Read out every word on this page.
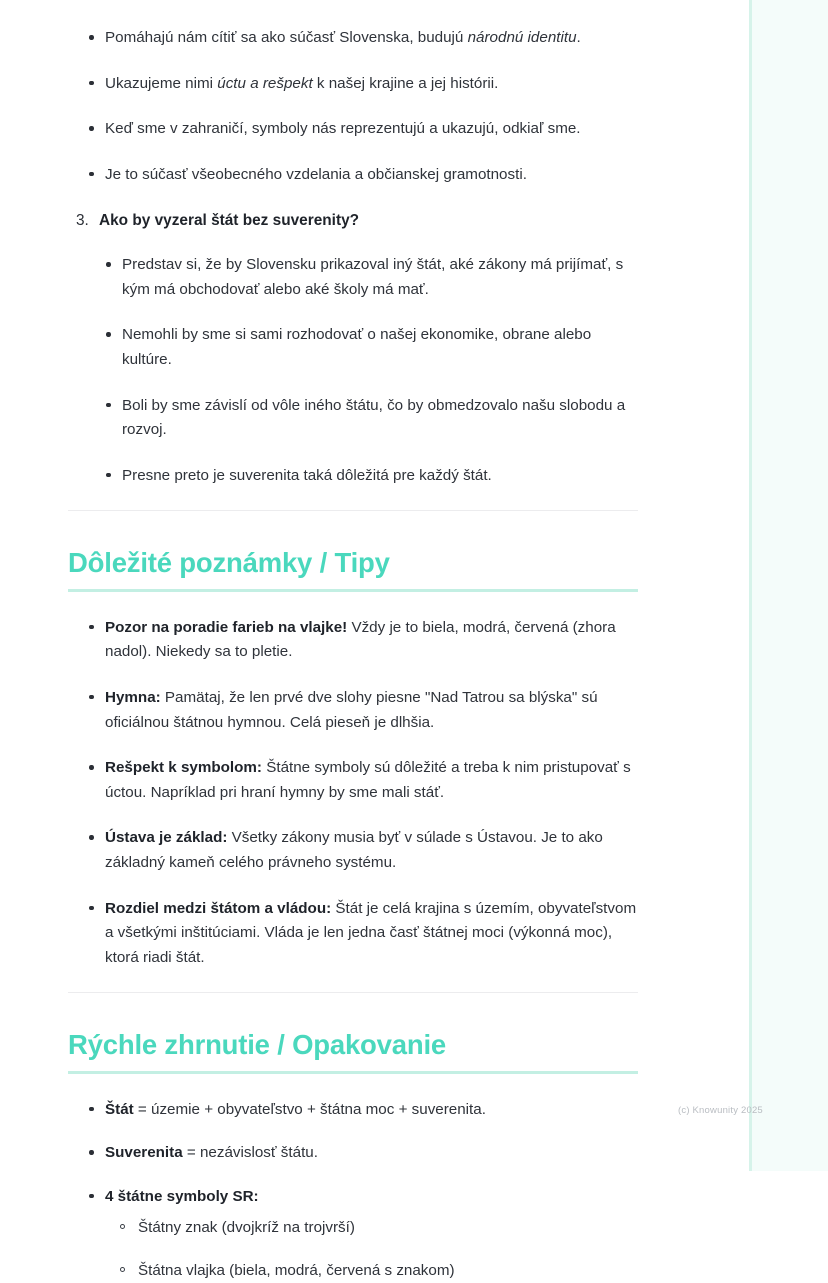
Pomáhajú nám cítiť sa ako súčasť Slovenska, budujú národnú identitu.
Ukazujeme nimi úctu a rešpekt k našej krajine a jej histórii.
Keď sme v zahraničí, symboly nás reprezentujú a ukazujú, odkiaľ sme.
Je to súčasť všeobecného vzdelania a občianskej gramotnosti.
3. Ako by vyzeral štát bez suverenity?
Predstav si, že by Slovensku prikazoval iný štát, aké zákony má prijímať, s kým má obchodovať alebo aké školy má mať.
Nemohli by sme si sami rozhodovať o našej ekonomike, obrane alebo kultúre.
Boli by sme závislí od vôle iného štátu, čo by obmedzovalo našu slobodu a rozvoj.
Presne preto je suverenita taká dôležitá pre každý štát.
Dôležité poznámky / Tipy
Pozor na poradie farieb na vlajke! Vždy je to biela, modrá, červená (zhora nadol). Niekedy sa to pletie.
Hymna: Pamätaj, že len prvé dve slohy piesne "Nad Tatrou sa blýska" sú oficiálnou štátnou hymnou. Celá pieseň je dlhšia.
Rešpekt k symbolom: Štátne symboly sú dôležité a treba k nim pristupovať s úctou. Napríklad pri hraní hymny by sme mali stáť.
Ústava je základ: Všetky zákony musia byť v súlade s Ústavou. Je to ako základný kameň celého právneho systému.
Rozdiel medzi štátom a vládou: Štát je celá krajina s územím, obyvateľstvom a všetkými inštitúciami. Vláda je len jedna časť štátnej moci (výkonná moc), ktorá riadi štát.
Rýchle zhrnutie / Opakovanie
Štát = územie + obyvateľstvo + štátna moc + suverenita.
Suverenita = nezávislosť štátu.
4 štátne symboly SR:
Štátny znak (dvojkríž na trojvrší)
Štátna vlajka (biela, modrá, červená s znakom)
(c) Knowunity 2025
